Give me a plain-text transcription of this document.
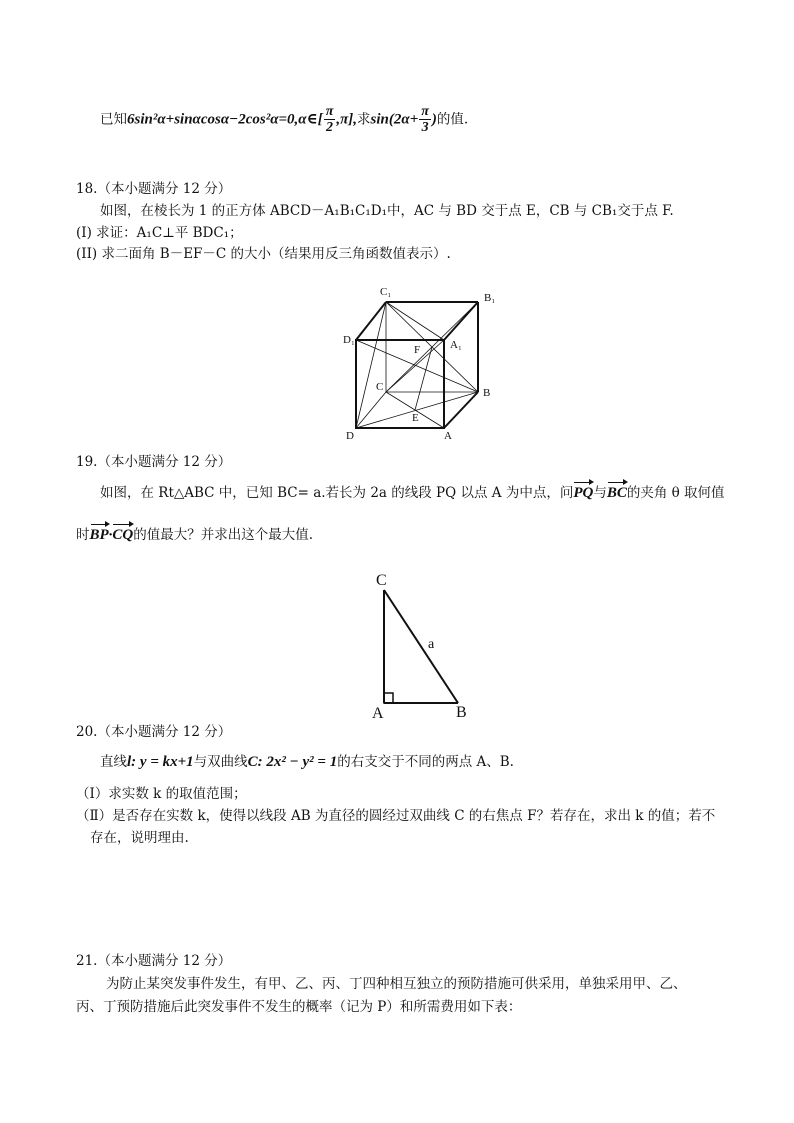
已知6sin²α+sinαcosα−2cos²α=0,α∈[ $\frac{\pi}{2} ,\pi$],求$\sin(2\alpha+ \frac{\pi}{3}$ )的值.
18.（本小题满分 12 分）
如图，在棱长为 1 的正方体 ABCD－A₁B₁C₁D₁中，AC 与 BD 交于点 E，CB 与 CB₁交于点 F.
(I) 求证：A₁C⊥平 BDC₁；
(II) 求二面角 B－EF－C 的大小（结果用反三角函数值表示）.
C₁	B₁
D₁	A₁
F
C	B
E
D	A
19.（本小题满分 12 分）
如图，在 Rt△ABC 中，已知 BC= a.若长为 2a 的线段 PQ 以点 A 为中点，问PQ与BC的夹角 θ 取何值
时BP·CQ的值最大？并求出这个最大值.
C
A	B
a
20.（本小题满分 12 分）
直线l: y = kx+1与双曲线C: 2x² − y² = 1的右支交于不同的两点 A、B.
（Ⅰ）求实数 k 的取值范围；
（Ⅱ）是否存在实数 k，使得以线段 AB 为直径的圆经过双曲线 C 的右焦点 F？若存在，求出 k 的值；若不
存在，说明理由.
21.（本小题满分 12 分）
为防止某突发事件发生，有甲、乙、丙、丁四种相互独立的预防措施可供采用，单独采用甲、乙、
丙、丁预防措施后此突发事件不发生的概率（记为 P）和所需费用如下表：
